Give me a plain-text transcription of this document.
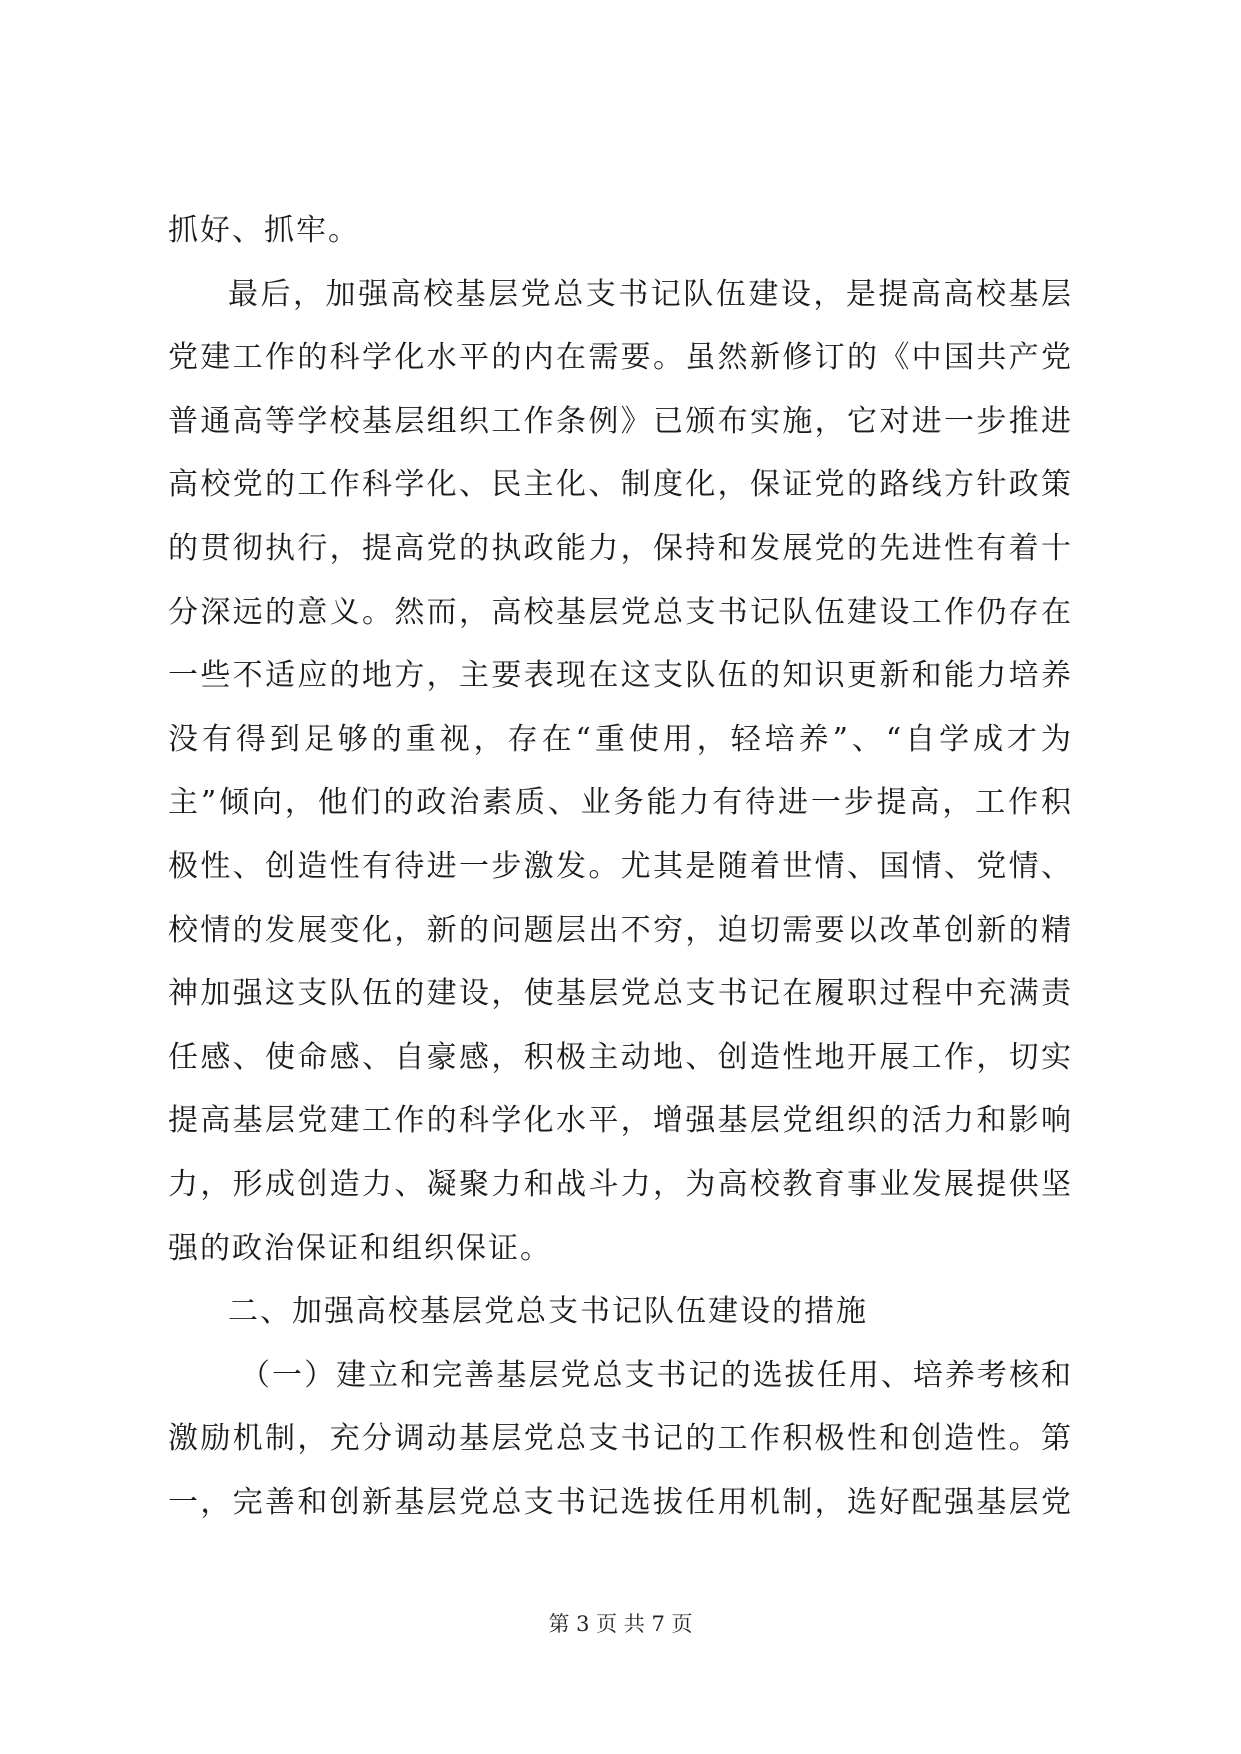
抓好、抓牢。
最后，加强高校基层党总支书记队伍建设，是提高高校基层
党建工作的科学化水平的内在需要。虽然新修订的《中国共产党
普通高等学校基层组织工作条例》已颁布实施，它对进一步推进
高校党的工作科学化、民主化、制度化，保证党的路线方针政策
的贯彻执行，提高党的执政能力，保持和发展党的先进性有着十
分深远的意义。然而，高校基层党总支书记队伍建设工作仍存在
一些不适应的地方，主要表现在这支队伍的知识更新和能力培养
没有得到足够的重视，存在“重使用，轻培养”、“自学成才为
主”倾向，他们的政治素质、业务能力有待进一步提高，工作积
极性、创造性有待进一步激发。尤其是随着世情、国情、党情、
校情的发展变化，新的问题层出不穷，迫切需要以改革创新的精
神加强这支队伍的建设，使基层党总支书记在履职过程中充满责
任感、使命感、自豪感，积极主动地、创造性地开展工作，切实
提高基层党建工作的科学化水平，增强基层党组织的活力和影响
力，形成创造力、凝聚力和战斗力，为高校教育事业发展提供坚
强的政治保证和组织保证。
二、加强高校基层党总支书记队伍建设的措施
（一）建立和完善基层党总支书记的选拔任用、培养考核和
激励机制，充分调动基层党总支书记的工作积极性和创造性。第
一，完善和创新基层党总支书记选拔任用机制，选好配强基层党
第 3 页 共 7 页
